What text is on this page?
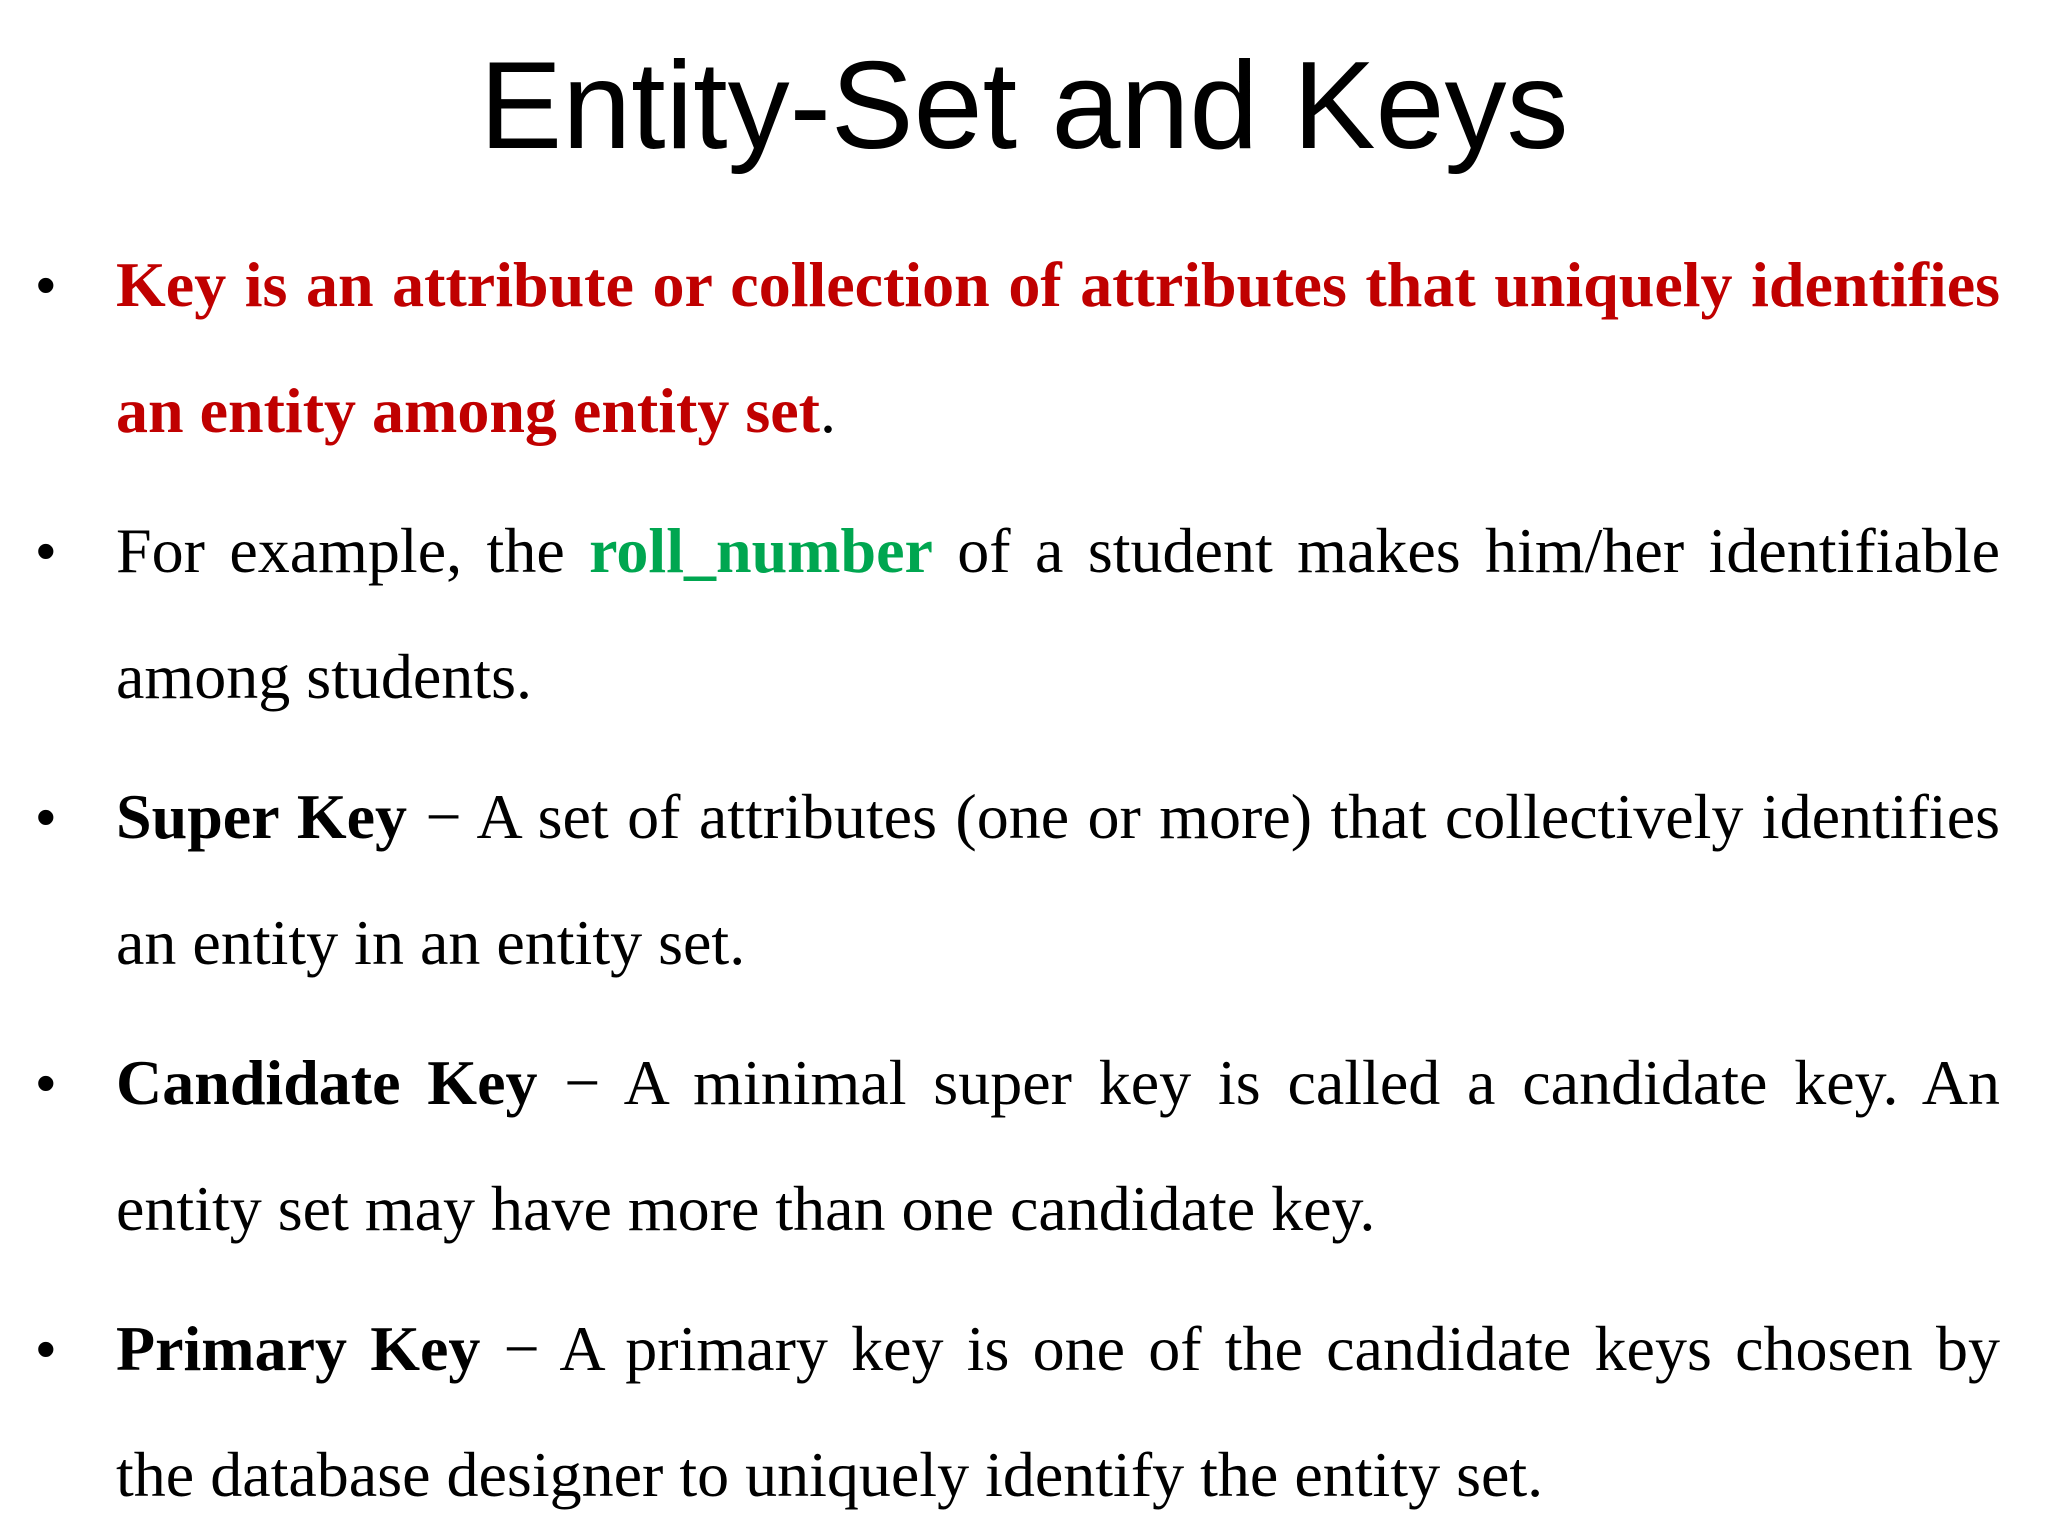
Entity-Set and Keys
• Key is an attribute or collection of attributes that uniquely identifies an entity among entity set.
• For example, the roll_number of a student makes him/her identifiable among students.
• Super Key − A set of attributes (one or more) that collectively identifies an entity in an entity set.
• Candidate Key − A minimal super key is called a candidate key. An entity set may have more than one candidate key.
• Primary Key − A primary key is one of the candidate keys chosen by the database designer to uniquely identify the entity set.
